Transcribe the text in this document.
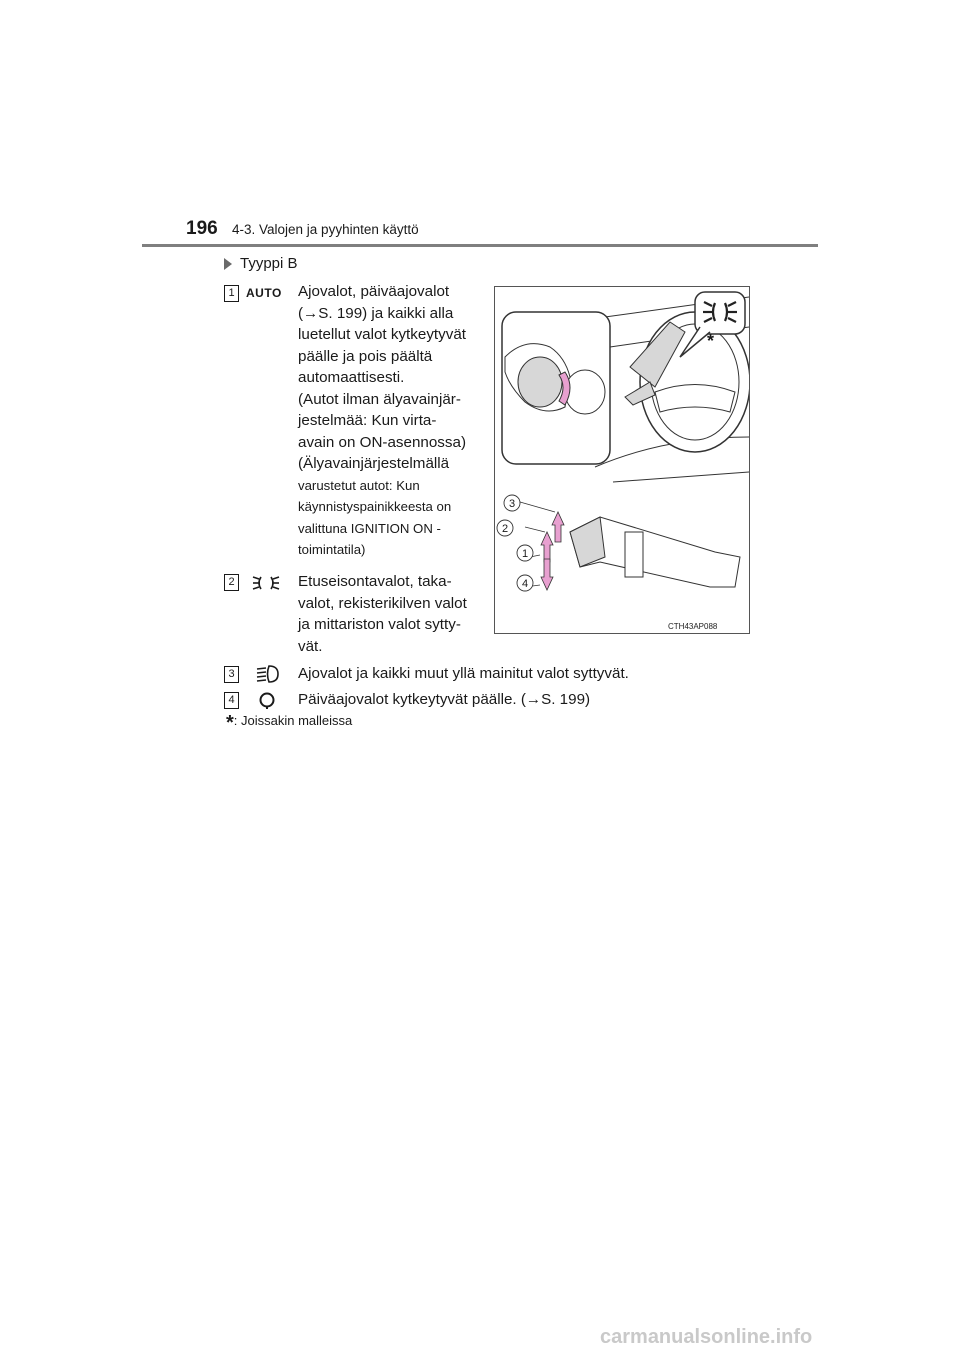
196 4-3. Valojen ja pyyhinten käyttö
Tyyppi B
1 AUTO Ajovalot, päiväajovalot
(→S. 199) ja kaikki alla
luetellut valot kytkeytyvät
päälle ja pois päältä
automaattisesti.
(Autot ilman älyavainjär-
jestelmää: Kun virta-
avain on ON-asennossa)
(Älyavainjärjestelmällä
varustetut autot: Kun
käynnistyspainikkeesta on
valittuna IGNITION ON -
toimintatila)
2	Etuseisontavalot, taka-
valot, rekisterikilven valot
ja mittariston valot sytty-
vät.
3	Ajovalot ja kaikki muut yllä mainitut valot syttyvät.
4	Päiväajovalot kytkeytyvät päälle. (→S. 199)
*: Joissakin malleissa
*
3
2
1
4
CTH43AP088
carmanualsonline.info
